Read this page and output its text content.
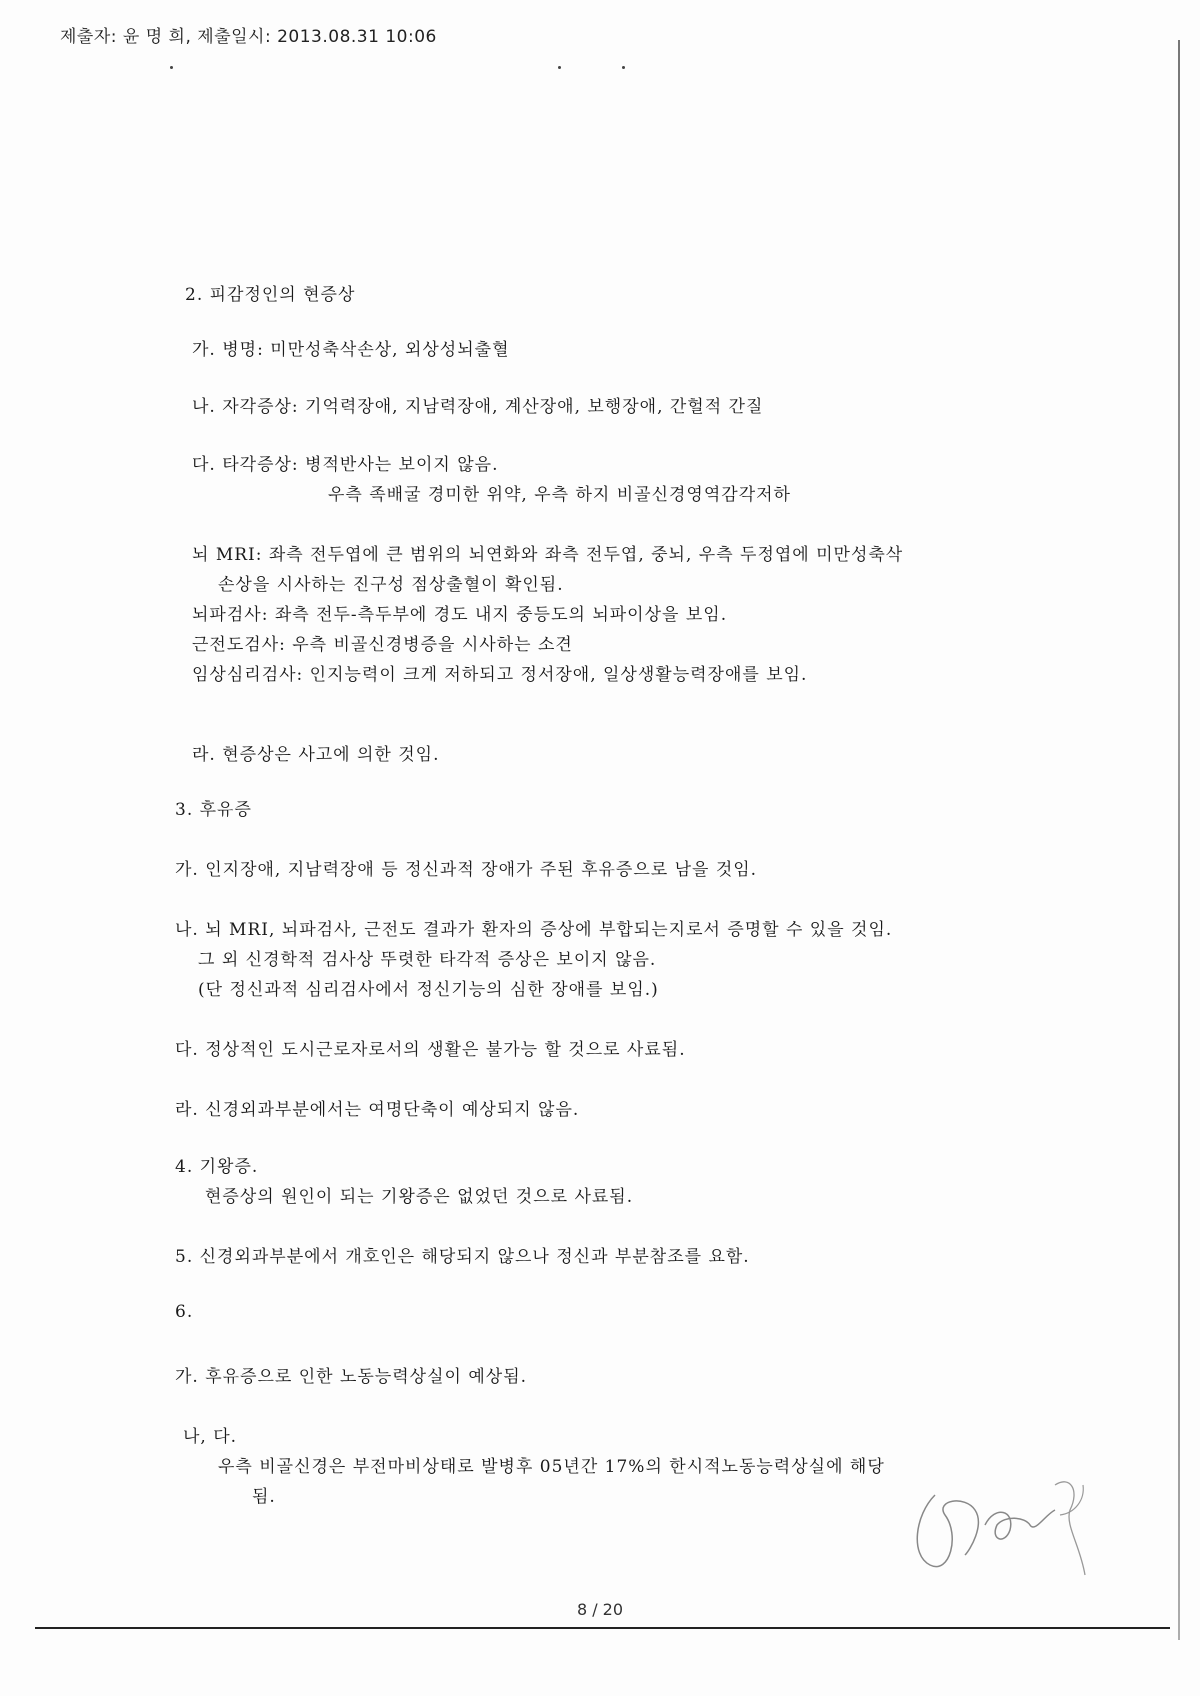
제출자: 윤 명 희, 제출일시: 2013.08.31 10:06
2. 피감정인의 현증상
가. 병명: 미만성축삭손상, 외상성뇌출혈
나. 자각증상: 기억력장애, 지남력장애, 계산장애, 보행장애, 간헐적 간질
다. 타각증상: 병적반사는 보이지 않음.
우측 족배굴 경미한 위약, 우측 하지 비골신경영역감각저하
뇌 MRI: 좌측 전두엽에 큰 범위의 뇌연화와 좌측 전두엽, 중뇌, 우측 두정엽에 미만성축삭
손상을 시사하는 진구성 점상출혈이 확인됨.
뇌파검사: 좌측 전두-측두부에 경도 내지 중등도의 뇌파이상을 보임.
근전도검사: 우측 비골신경병증을 시사하는 소견
임상심리검사: 인지능력이 크게 저하되고 정서장애, 일상생활능력장애를 보임.
라. 현증상은 사고에 의한 것임.
3. 후유증
가. 인지장애, 지남력장애 등 정신과적 장애가 주된 후유증으로 남을 것임.
나. 뇌 MRI, 뇌파검사, 근전도 결과가 환자의 증상에 부합되는지로서 증명할 수 있을 것임.
그 외 신경학적 검사상 뚜렷한 타각적 증상은 보이지 않음.
(단 정신과적 심리검사에서 정신기능의 심한 장애를 보임.)
다. 정상적인 도시근로자로서의 생활은 불가능 할 것으로 사료됨.
라. 신경외과부분에서는 여명단축이 예상되지 않음.
4. 기왕증.
현증상의 원인이 되는 기왕증은 없었던 것으로 사료됨.
5. 신경외과부분에서 개호인은 해당되지 않으나 정신과 부분참조를 요함.
6.
가. 후유증으로 인한 노동능력상실이 예상됨.
나, 다.
우측 비골신경은 부전마비상태로 발병후 05년간 17%의 한시적노동능력상실에 해당
됨.
8 / 20
